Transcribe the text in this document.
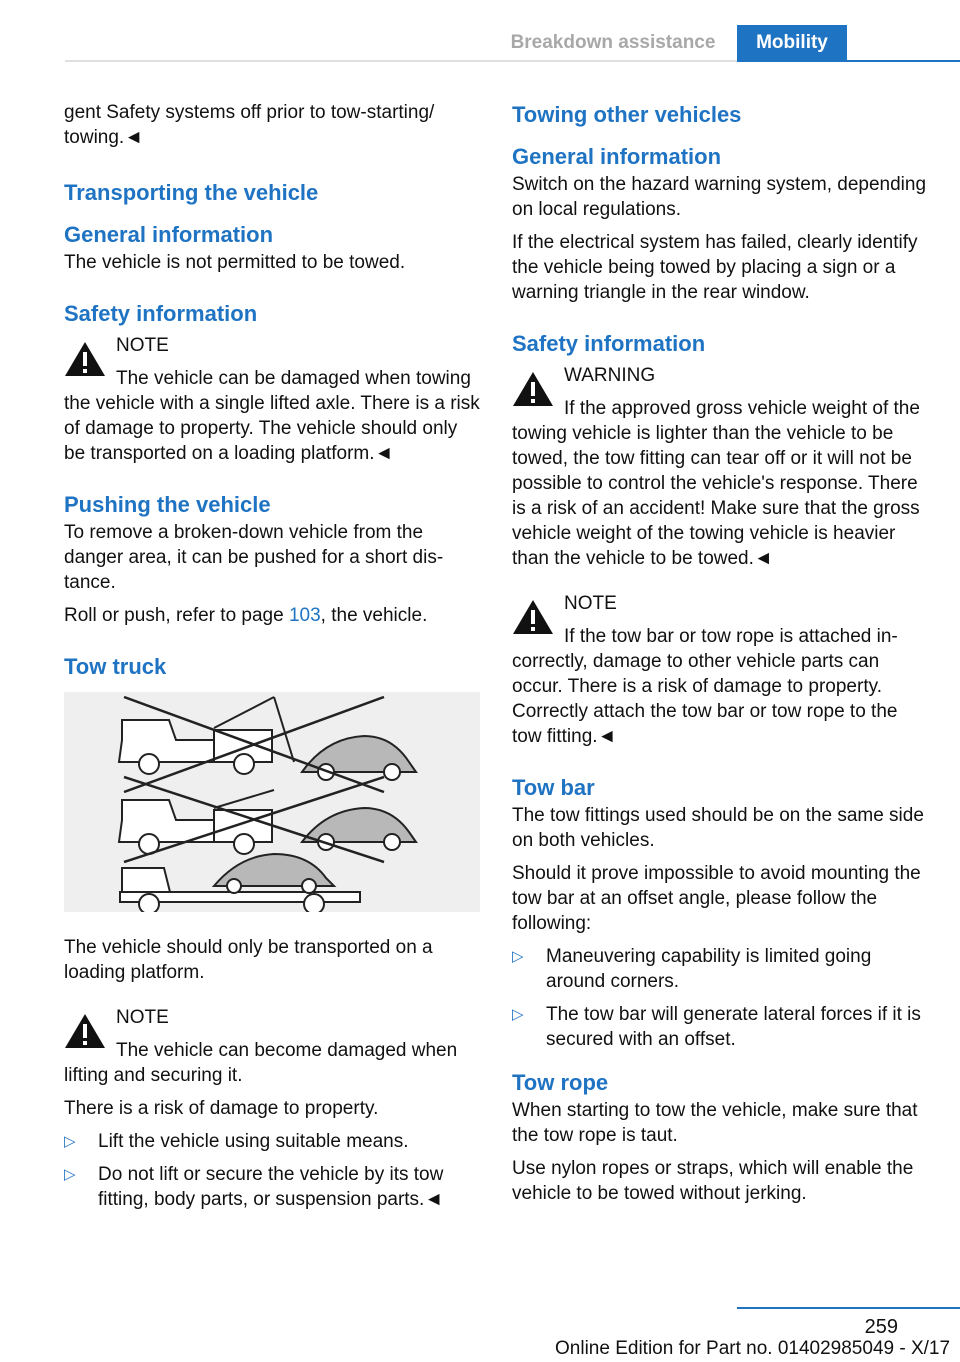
Breakdown assistance	Mobility

gent Safety systems off prior to tow-starting/ towing.◄

Transporting the vehicle
General information

The vehicle is not permitted to be towed.

Safety information
NOTE

The vehicle can be damaged when towing the vehicle with a single lifted axle. There is a risk of damage to property. The vehicle should only be transported on a loading platform.◄

Pushing the vehicle

To remove a broken-down vehicle from the danger area, it can be pushed for a short distance.

Roll or push, refer to page 103, the vehicle.

Tow truck

The vehicle should only be transported on a loading platform.

NOTE

The vehicle can become damaged when lifting and securing it.

There is a risk of damage to property.

▷ Lift the vehicle using suitable means.
▷ Do not lift or secure the vehicle by its tow fitting, body parts, or suspension parts.◄
Towing other vehicles
General information

Switch on the hazard warning system, depending on local regulations.

If the electrical system has failed, clearly identify the vehicle being towed by placing a sign or a warning triangle in the rear window.

Safety information
WARNING

If the approved gross vehicle weight of the towing vehicle is lighter than the vehicle to be towed, the tow fitting can tear off or it will not be possible to control the vehicle's response. There is a risk of an accident! Make sure that the gross vehicle weight of the towing vehicle is heavier than the vehicle to be towed.◄

NOTE

If the tow bar or tow rope is attached incorrectly, damage to other vehicle parts can occur. There is a risk of damage to property. Correctly attach the tow bar or tow rope to the tow fitting.◄

Tow bar

The tow fittings used should be on the same side on both vehicles.

Should it prove impossible to avoid mounting the tow bar at an offset angle, please follow the following:

▷ Maneuvering capability is limited going around corners.
▷ The tow bar will generate lateral forces if it is secured with an offset.
Tow rope

When starting to tow the vehicle, make sure that the tow rope is taut.

Use nylon ropes or straps, which will enable the vehicle to be towed without jerking.

259
Online Edition for Part no. 01402985049 - X/17
